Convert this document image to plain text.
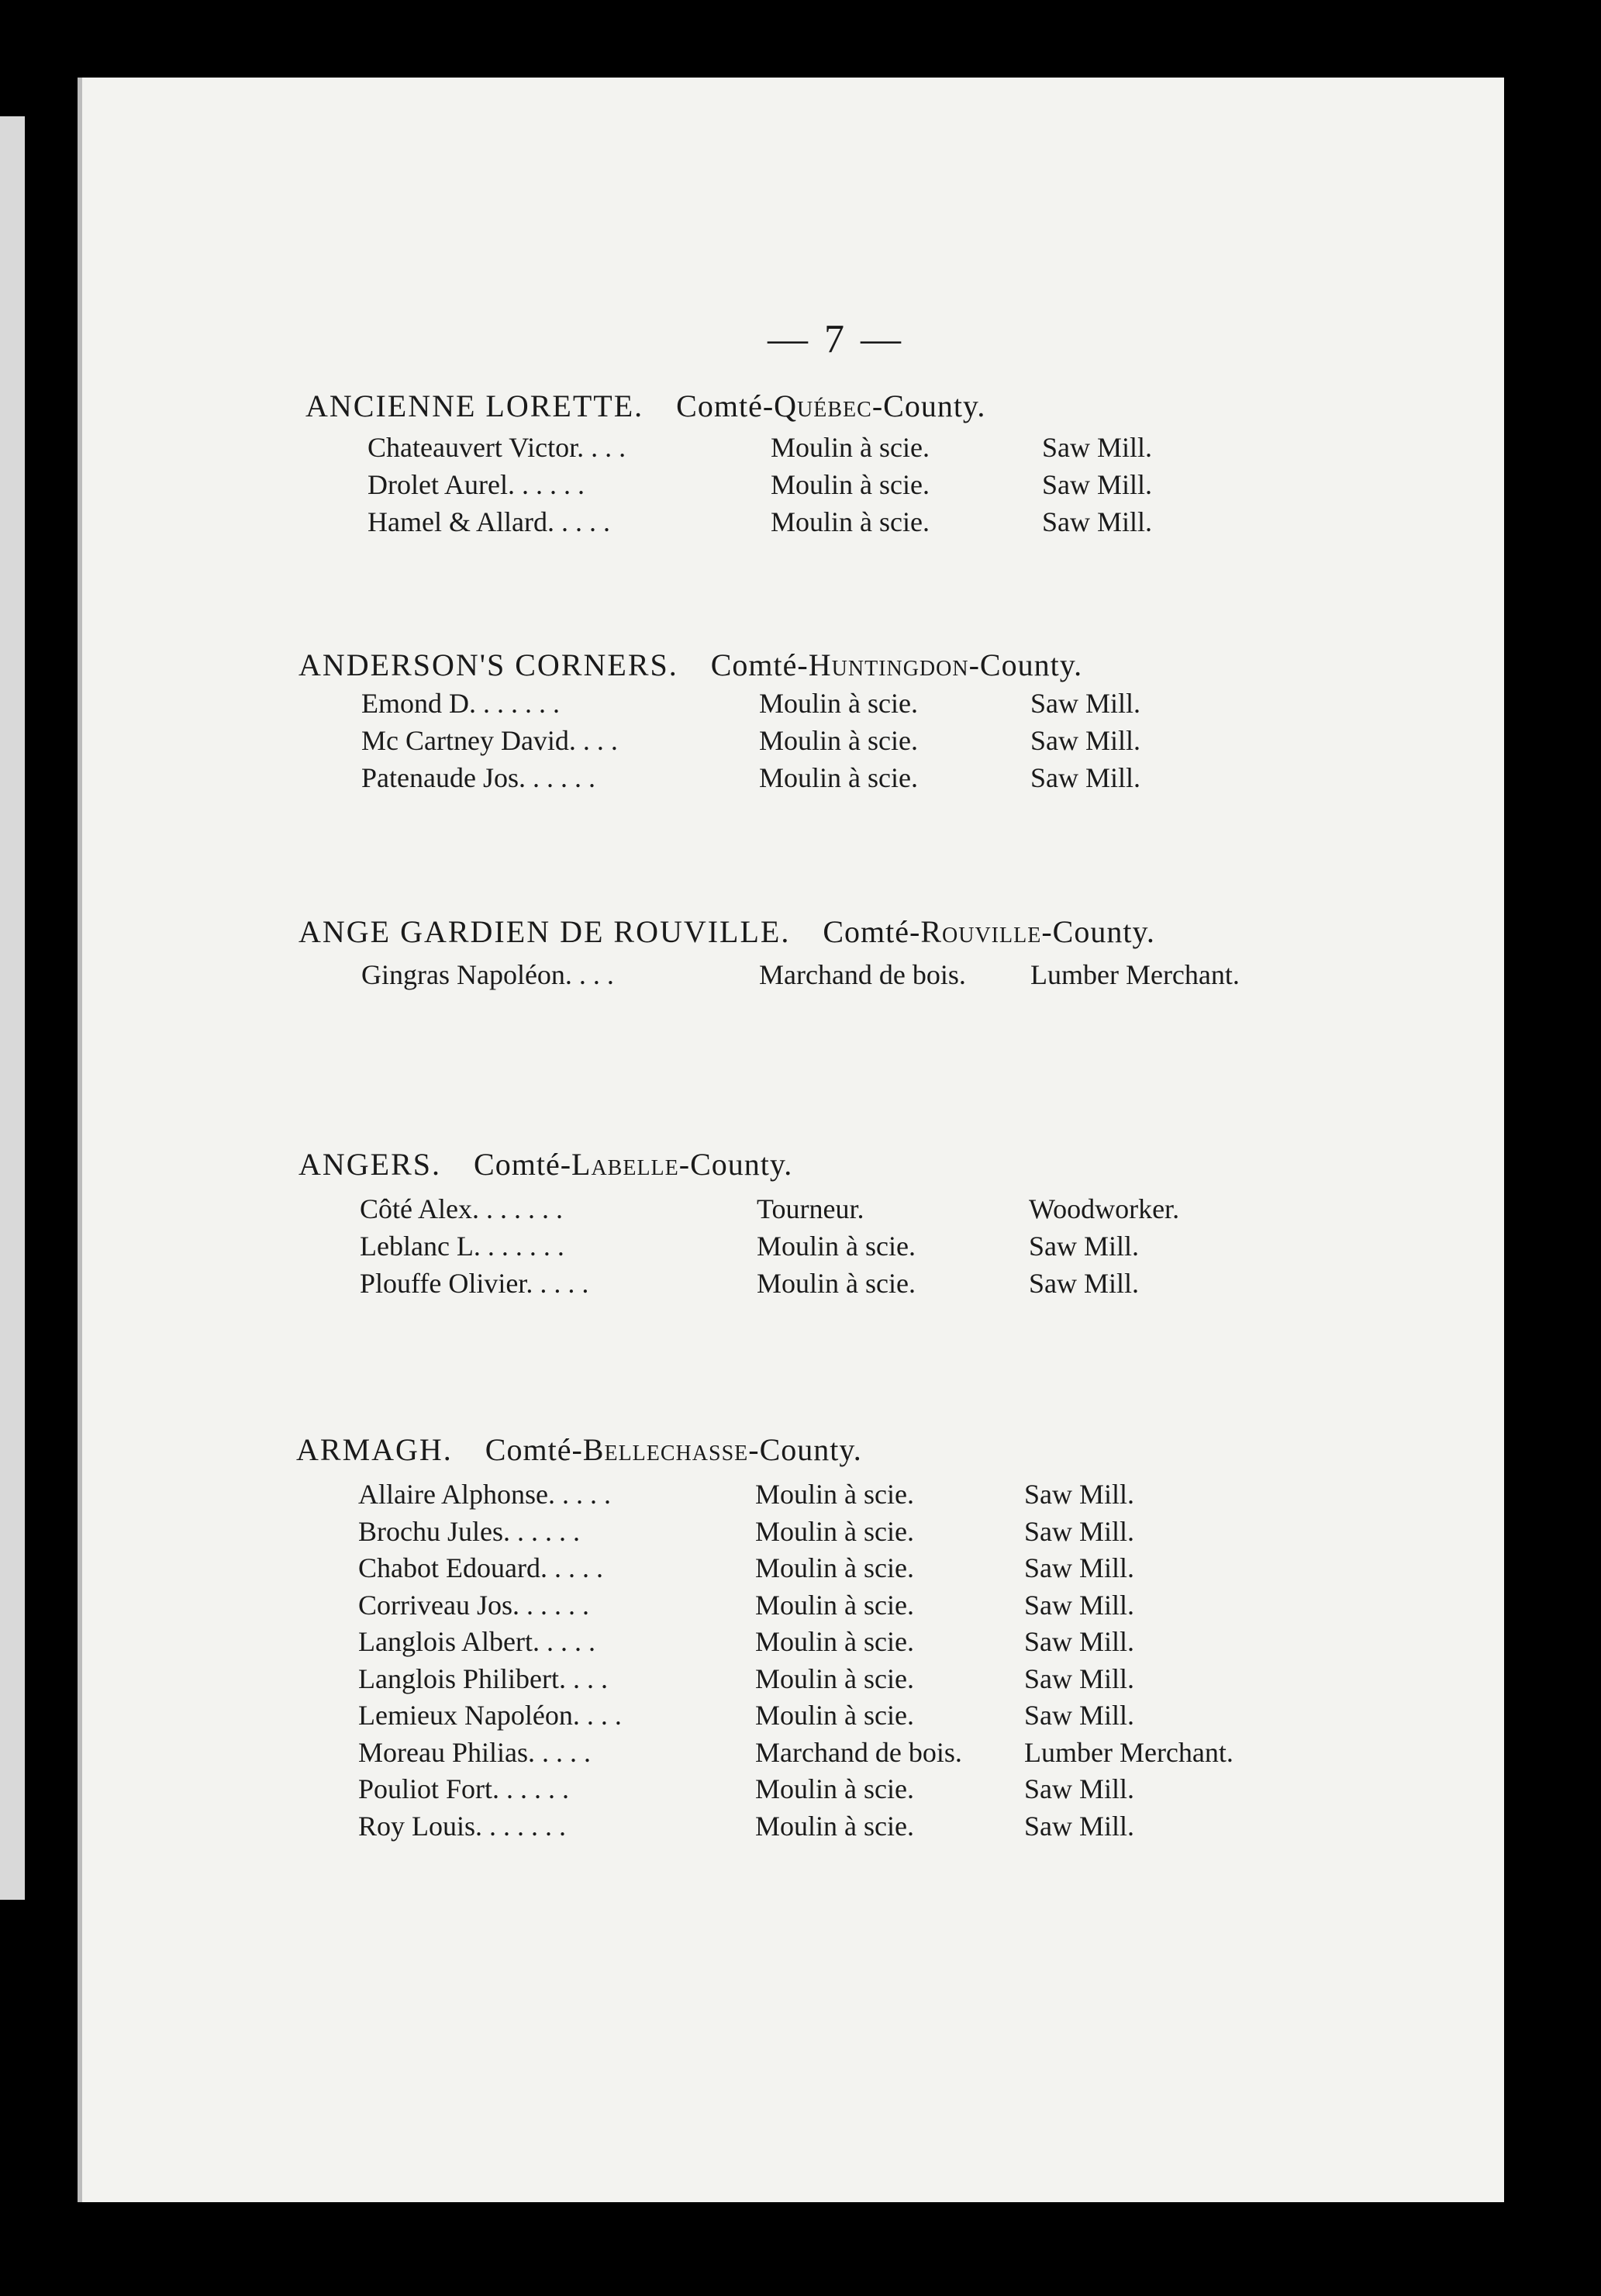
— 7 —
ANCIENNE LORETTE. Comté-Québec-County.
Chateauvert Victor. . . .	Moulin à scie.	Saw Mill.
Drolet Aurel. . . . . .	Moulin à scie.	Saw Mill.
Hamel & Allard. . . . .	Moulin à scie.	Saw Mill.
ANDERSON'S CORNERS. Comté-Huntingdon-County.
Emond D. . . . . . .	Moulin à scie.	Saw Mill.
Mc Cartney David. . . .	Moulin à scie.	Saw Mill.
Patenaude Jos. . . . . .	Moulin à scie.	Saw Mill.
ANGE GARDIEN DE ROUVILLE. Comté-Rouville-County.
Gingras Napoléon. . . .	Marchand de bois. Lumber Merchant.
ANGERS. Comté-Labelle-County.
Côté Alex. . . . . . .	Tourneur.	Woodworker.
Leblanc L. . . . . . .	Moulin à scie.	Saw Mill.
Plouffe Olivier. . . . .	Moulin à scie.	Saw Mill.
ARMAGH. Comté-Bellechasse-County.
Allaire Alphonse. . . . .	Moulin à scie.	Saw Mill.
Brochu Jules. . . . . .	Moulin à scie.	Saw Mill.
Chabot Edouard. . . . .	Moulin à scie.	Saw Mill.
Corriveau Jos. . . . . .	Moulin à scie.	Saw Mill.
Langlois Albert. . . . .	Moulin à scie.	Saw Mill.
Langlois Philibert. . . .	Moulin à scie.	Saw Mill.
Lemieux Napoléon. . . .	Moulin à scie.	Saw Mill.
Moreau Philias. . . . .	Marchand de bois. Lumber Merchant.
Pouliot Fort. . . . . .	Moulin à scie.	Saw Mill.
Roy Louis. . . . . . .	Moulin à scie.	Saw Mill.
